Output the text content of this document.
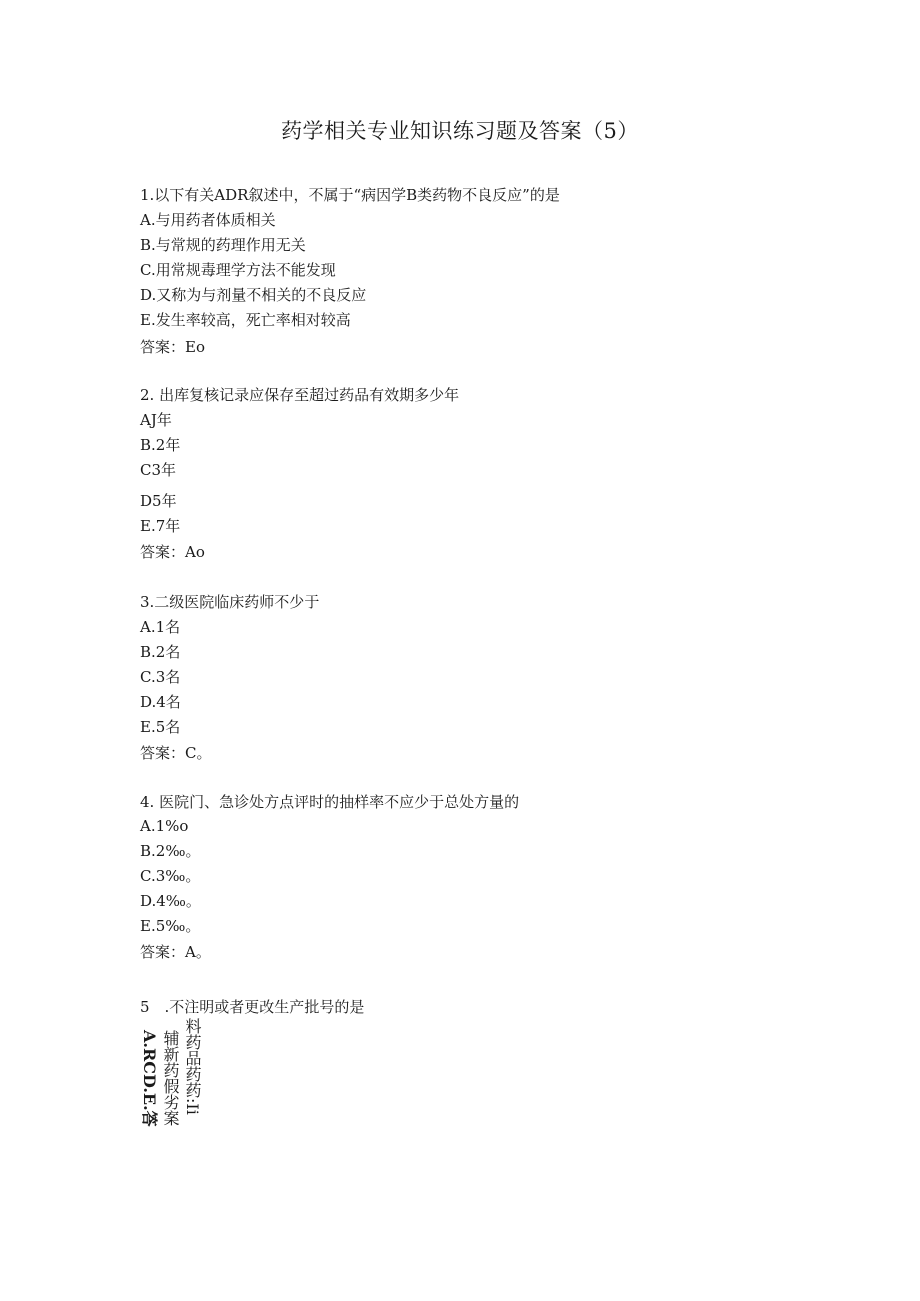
药学相关专业知识练习题及答案（5）
1.以下有关ADR叙述中，不属于“病因学B类药物不良反应”的是
A.与用药者体质相关
B.与常规的药理作用无关
C.用常规毒理学方法不能发现
D.又称为与剂量不相关的不良反应
E.发生率较高，死亡率相对较高
答案：Eo
2. 出库复核记录应保存至超过药品有效期多少年
AJ年
B.2年
C3年
D5年
E.7年
答案：Ao
3.二级医院临床药师不少于
A.1名
B.2名
C.3名
D.4名
E.5名
答案：C。
4. 医院门、急诊处方点评时的抽样率不应少于总处方量的
A.1%o
B.2‰。
C.3‰。
D.4‰。
E.5‰。
答案：A。
5　.不注明或者更改生产批号的是
A.RCD.E.答 辅新药假劣案 料药品药药:Ii
